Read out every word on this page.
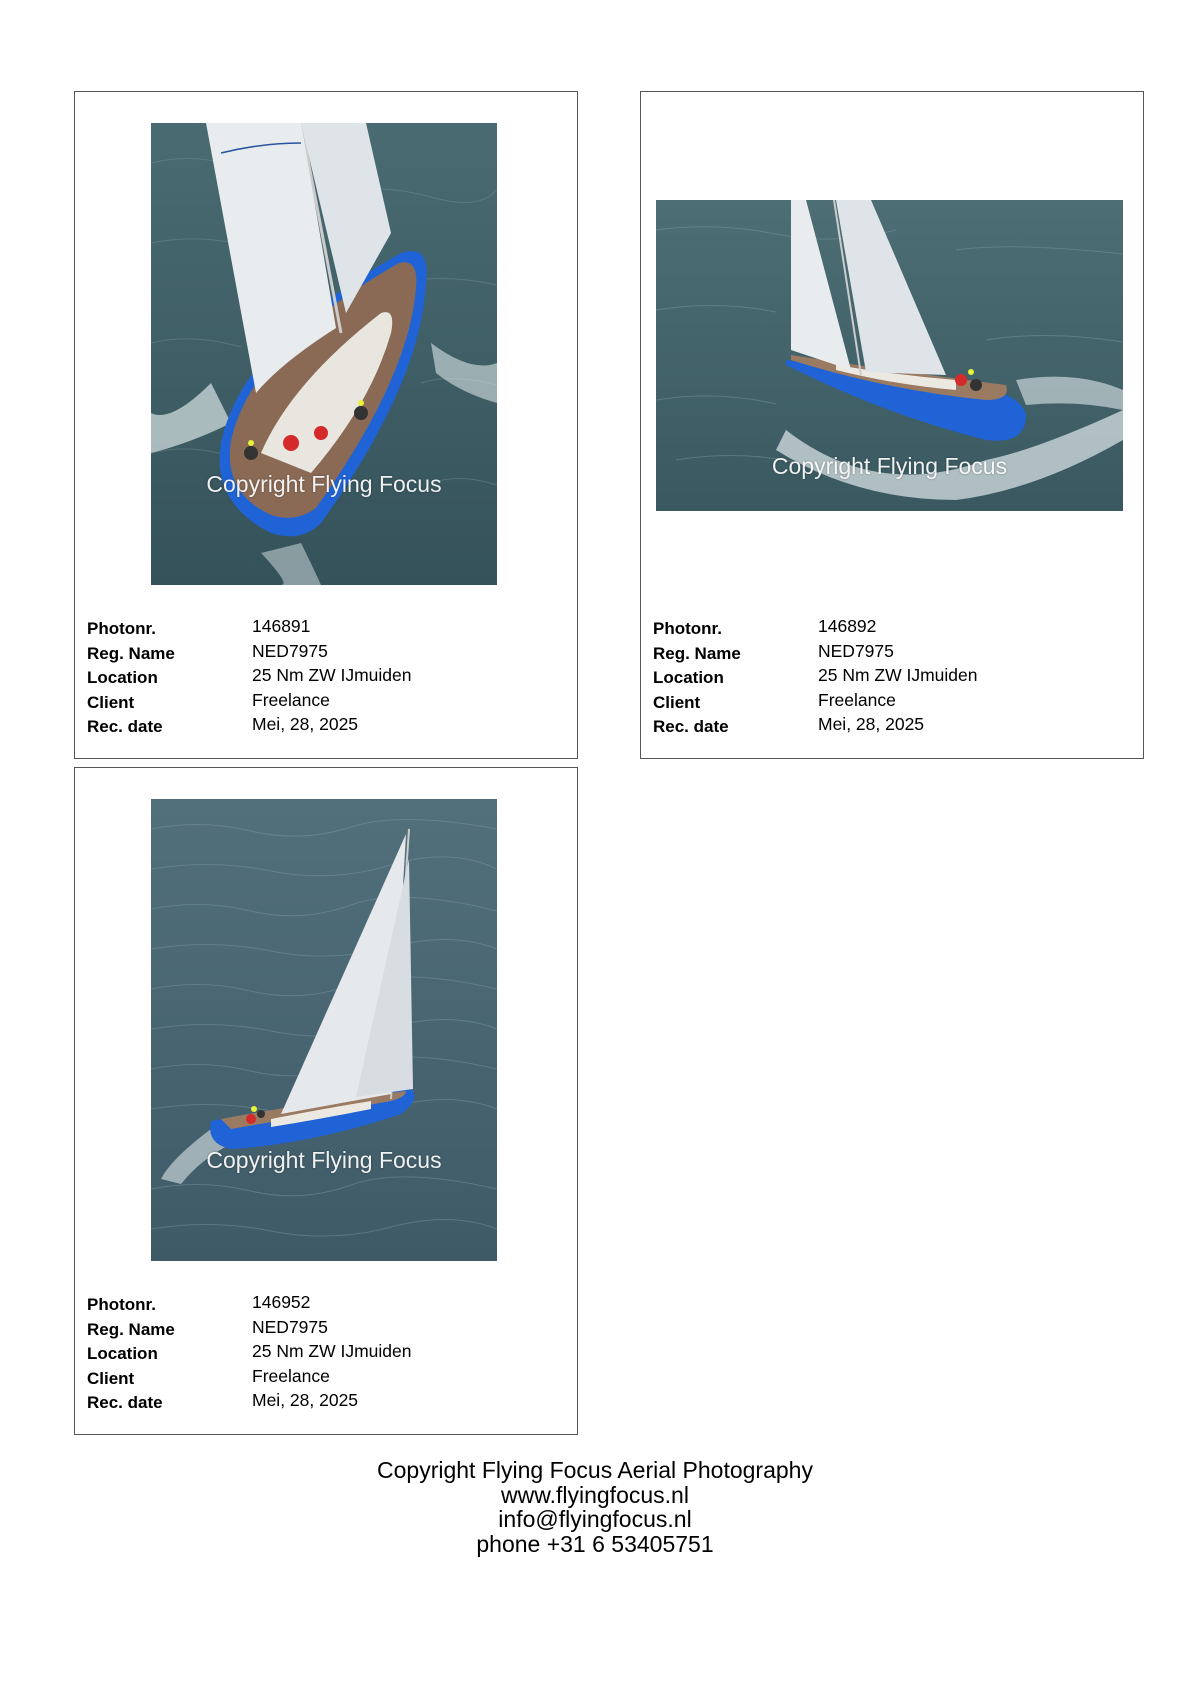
Copyright Flying Focus
Photonr.	146891
Reg. Name	NED7975
Location	25 Nm ZW IJmuiden
Client	Freelance
Rec. date	Mei, 28, 2025
Copyright Flying Focus
Photonr.	146892
Reg. Name	NED7975
Location	25 Nm ZW IJmuiden
Client	Freelance
Rec. date	Mei, 28, 2025
Copyright Flying Focus
Photonr.	146952
Reg. Name	NED7975
Location	25 Nm ZW IJmuiden
Client	Freelance
Rec. date	Mei, 28, 2025
Copyright Flying Focus Aerial Photography
www.flyingfocus.nl
info@flyingfocus.nl
phone +31 6 53405751
